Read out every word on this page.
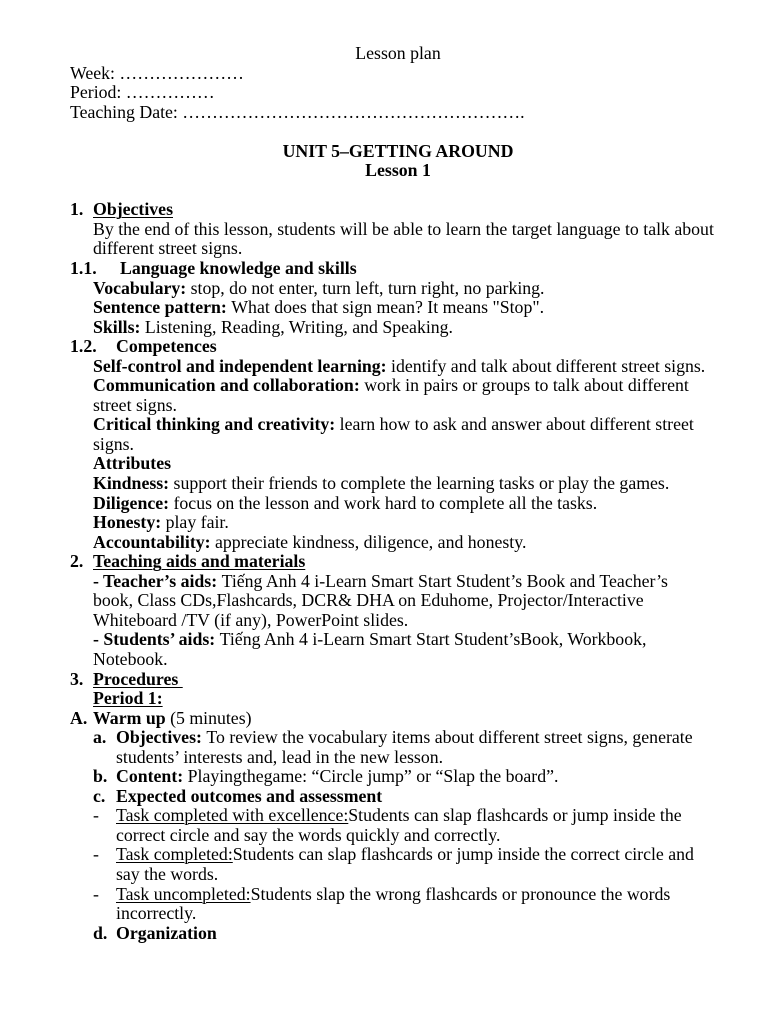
Lesson plan
Week: …………………
Period: ……………
Teaching Date: ………………………………………………….
UNIT 5–GETTING AROUND
Lesson 1
1. Objectives
By the end of this lesson, students will be able to learn the target language to talk about
different street signs.
1.1. Language knowledge and skills
Vocabulary: stop, do not enter, turn left, turn right, no parking.
Sentence pattern: What does that sign mean? It means "Stop".
Skills: Listening, Reading, Writing, and Speaking.
1.2. Competences
Self-control and independent learning: identify and talk about different street signs.
Communication and collaboration: work in pairs or groups to talk about different
street signs.
Critical thinking and creativity: learn how to ask and answer about different street
signs.
Attributes
Kindness: support their friends to complete the learning tasks or play the games.
Diligence: focus on the lesson and work hard to complete all the tasks.
Honesty: play fair.
Accountability: appreciate kindness, diligence, and honesty.
2. Teaching aids and materials
- Teacher’s aids: Tiếng Anh 4 i-Learn Smart Start Student’s Book and Teacher’s
book, Class CDs,Flashcards, DCR& DHA on Eduhome, Projector/Interactive
Whiteboard /TV (if any), PowerPoint slides.
- Students’ aids: Tiếng Anh 4 i-Learn Smart Start Student’sBook, Workbook,
Notebook.
3. Procedures
Period 1:
A. Warm up (5 minutes)
a. Objectives: To review the vocabulary items about different street signs, generate
students’ interests and, lead in the new lesson.
b. Content: Playingthegame: “Circle jump” or “Slap the board”.
c. Expected outcomes and assessment
- Task completed with excellence:Students can slap flashcards or jump inside the
correct circle and say the words quickly and correctly.
- Task completed:Students can slap flashcards or jump inside the correct circle and
say the words.
- Task uncompleted:Students slap the wrong flashcards or pronounce the words
incorrectly.
d. Organization
